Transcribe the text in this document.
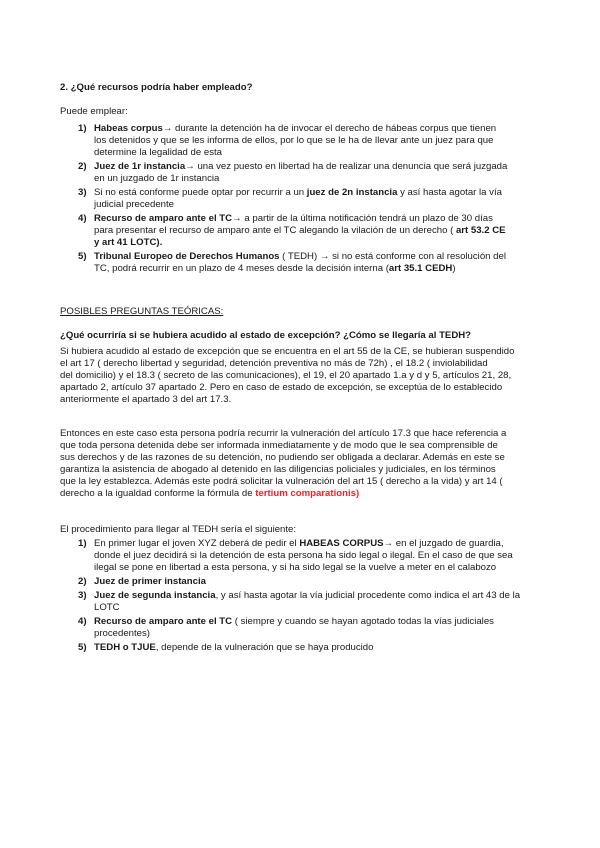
2. ¿Qué recursos podría haber empleado?
Puede emplear:
1) Habeas corpus→ durante la detención ha de invocar el derecho de hábeas corpus que tienen
los detenidos y que se les informa de ellos, por lo que se le ha de llevar ante un juez para que
determine la legalidad de esta
2) Juez de 1r instancia→ una vez puesto en libertad ha de realizar una denuncia que será juzgada
en un juzgado de 1r instancia
3) Si no está conforme puede optar por recurrir a un juez de 2n instancia y así hasta agotar la vía
judicial precedente
4) Recurso de amparo ante el TC→ a partir de la última notificación tendrá un plazo de 30 días
para presentar el recurso de amparo ante el TC alegando la vilación de un derecho ( art 53.2 CE
y art 41 LOTC).
5) Tribunal Europeo de Derechos Humanos ( TEDH) → si no está conforme con al resolución del
TC, podrá recurrir en un plazo de 4 meses desde la decisión interna (art 35.1 CEDH)
POSIBLES PREGUNTAS TEÓRICAS:
¿Qué ocurriría si se hubiera acudido al estado de excepción? ¿Cómo se llegaría al TEDH?
Si hubiera acudido al estado de excepción que se encuentra en el art 55 de la CE, se hubieran suspendido
el art 17 ( derecho libertad y seguridad, detención preventiva no más de 72h) , el 18.2 ( inviolabilidad
del domicilio) y el 18.3 ( secreto de las comunicaciones), el 19, el 20 apartado 1.a y d y 5, artículos 21, 28,
apartado 2, artículo 37 apartado 2. Pero en caso de estado de excepción, se exceptúa de lo establecido
anteriormente el apartado 3 del art 17.3.
Entonces en este caso esta persona podría recurrir la vulneración del artículo 17.3 que hace referencia a
que toda persona detenida debe ser informada inmediatamente y de modo que le sea comprensible de
sus derechos y de las razones de su detención, no pudiendo ser obligada a declarar. Además en este se
garantiza la asistencia de abogado al detenido en las diligencias policiales y judiciales, en los términos
que la ley establezca. Además este podrá solicitar la vulneración del art 15 ( derecho a la vida) y art 14 (
derecho a la igualdad conforme la fórmula de tertium comparationis)
El procedimiento para llegar al TEDH sería el siguiente:
1) En primer lugar el joven XYZ deberá de pedir el HABEAS CORPUS→ en el juzgado de guardia,
donde el juez decidirá si la detención de esta persona ha sido legal o ilegal. En el caso de que sea
ilegal se pone en libertad a esta persona, y si ha sido legal se la vuelve a meter en el calabozo
2) Juez de primer instancia
3) Juez de segunda instancia, y así hasta agotar la vía judicial procedente como indica el art 43 de la
LOTC
4) Recurso de amparo ante el TC ( siempre y cuando se hayan agotado todas la vías judiciales
procedentes)
5) TEDH o TJUE, depende de la vulneración que se haya producido
